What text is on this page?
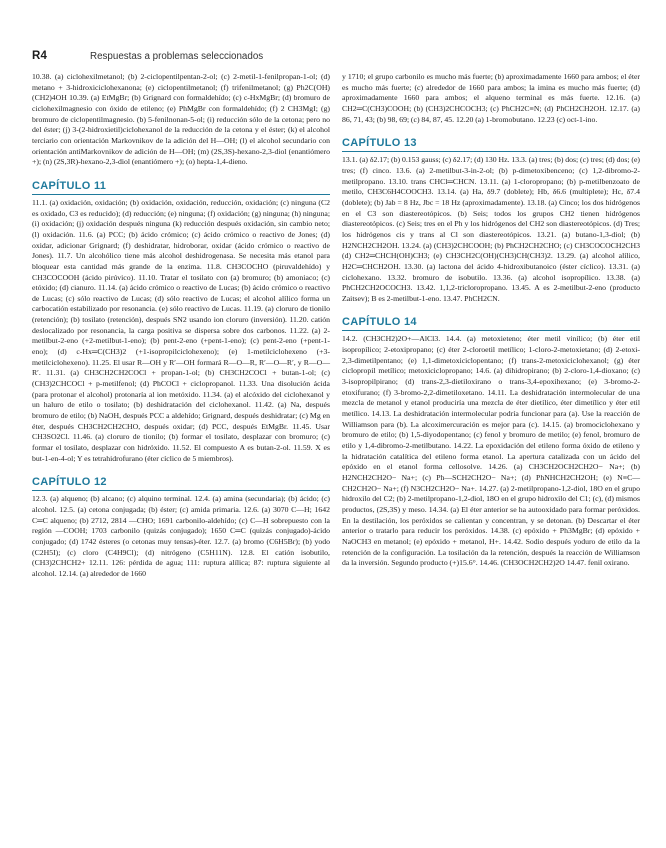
R4	Respuestas a problemas seleccionados
10.38. (a) ciclohexilmetanol; (b) 2-ciclopentilpentan-2-ol; (c) 2-metil-1-fenilpropan-1-ol; (d) metano + 3-hidroxiciclohexanona; (e) ciclopentilmetanol; (f) trifenilmetanol; (g) Ph2C(OH)(CH2)4OH 10.39. (a) EtMgBr; (b) Grignard con formaldehído; (c) c-HxMgBr; (d) bromuro de ciclohexilmagnesio con óxido de etileno; (e) PhMgBr con formaldehído; (f) 2 CH3MgI; (g) bromuro de ciclopentilmagnesio. (b) 5-fenilnonan-5-ol; (i) reducción sólo de la cetona; pero no del éster; (j) 3-(2-hidroxietil)ciclohexanol de la reducción de la cetona y el éster; (k) el alcohol terciario con orientación Markovnikov de la adición del H—OH; (l) el alcohol secundario con orientación antiMarkovnikov de adición de H—OH; (m) (2S,3S)-hexano-2,3-diol (enantiómero +); (n) (2S,3R)-hexano-2,3-diol (enantiómero +); (o) hepta-1,4-dieno.
CAPÍTULO 11
11.1. (a) oxidación, oxidación; (b) oxidación, oxidación, reducción, oxidación; (c) ninguna (C2 es oxidado, C3 es reducido); (d) reducción; (e) ninguna; (f) oxidación; (g) ninguna; (h) ninguna; (i) oxidación; (j) oxidación después ninguna (k) reducción después oxidación, sin cambio neto; (l) oxidación. 11.6. (a) PCC; (b) ácido crómico; (c) ácido crómico o reactivo de Jones; (d) oxidar, adicionar Grignard; (f) deshidratar, hidroborar, oxidar (ácido crómico o reactivo de Jones). 11.7. Un alcohólico tiene más alcohol deshidrogenasa. Se necesita más etanol para bloquear esta cantidad más grande de la enzima. 11.8. CH3COCHO (piruvaldehído) y CH3COCOOH (ácido pirúvico). 11.10. Tratar el tosilato con (a) bromuro; (b) amoniaco; (c) etóxido; (d) cianuro. 11.14. (a) ácido crómico o reactivo de Lucas; (b) ácido crómico o reactivo de Lucas; (c) sólo reactivo de Lucas; (d) sólo reactivo de Lucas; el alcohol alílico forma un carbocatión estabilizado por resonancia. (e) sólo reactivo de Lucas. 11.19. (a) cloruro de tionilo (retención); (b) tosilato (retención), después SN2 usando ion cloruro (inversión). 11.20. catión deslocalizado por resonancia, la carga positiva se dispersa sobre dos carbonos. 11.22. (a) 2-metilbut-2-eno (+2-metilbut-1-eno); (b) pent-2-eno (+pent-1-eno); (c) pent-2-eno (+pent-1-eno); (d) c-Hx═C(CH3)2 (+1-isopropilciclohexeno); (e) 1-metilciclohexeno (+3-metilciclohexeno). 11.25. El usar R—OH y R′—OH formará R—O—R, R′—O—R′, y R—O—R′. 11.31. (a) CH3CH2CH2COCl + propan-1-ol; (b) CH3CH2COCl + butan-1-ol; (c) (CH3)2CHCOCl + p-metilfenol; (d) PhCOCl + ciclopropanol. 11.33. Una disolución ácida (para protonar el alcohol) protonaría al ion metóxido. 11.34. (a) el alcóxido del ciclohexanol y un haluro de etilo o tosilato; (b) deshidratación del ciclohexanol. 11.42. (a) Na, después bromuro de etilo; (b) NaOH, después PCC a aldehído; Grignard, después deshidratar; (c) Mg en éter, después CH3CH2CH2CHO, después oxidar; (d) PCC, después EtMgBr. 11.45. Usar CH3SO2Cl. 11.46. (a) cloruro de tionilo; (b) formar el tosilato, desplazar con bromuro; (c) formar el tosilato, desplazar con hidróxido. 11.52. El compuesto A es butan-2-ol. 11.59. X es but-1-en-4-ol; Y es tetrahidrofurano (éter cíclico de 5 miembros).
CAPÍTULO 12
12.3. (a) alqueno; (b) alcano; (c) alquino terminal. 12.4. (a) amina (secundaria); (b) ácido; (c) alcohol. 12.5. (a) cetona conjugada; (b) éster; (c) amida primaria. 12.6. (a) 3070 C—H; 1642 C═C alqueno; (b) 2712, 2814 —CHO; 1691 carbonilo-aldehído; (c) C—H sobrepuesto con la región —COOH; 1703 carbonilo (quizás conjugado); 1650 C═C (quizás conjugado)-ácido conjugado; (d) 1742 ésteres (o cetonas muy tensas)-éter. 12.7. (a) bromo (C6H5Br); (b) yodo (C2H5I); (c) cloro (C4H9Cl); (d) nitrógeno (C5H11N). 12.8. El catión isobutilo, (CH3)2CHCH2+ 12.11. 126: pérdida de agua; 111: ruptura alílica; 87: ruptura siguiente al alcohol. 12.14. (a) alrededor de 1660
y 1710; el grupo carbonilo es mucho más fuerte; (b) aproximadamente 1660 para ambos; el éter es mucho más fuerte; (c) alrededor de 1660 para ambos; la imina es mucho más fuerte; (d) aproximadamente 1660 para ambos; el alqueno terminal es más fuerte. 12.16. (a) CH2═C(CH3)COOH; (b) (CH3)2CHCOCH3; (c) PhCH2C≡N; (d) PhCH2CH2OH. 12.17. (a) 86, 71, 43; (b) 98, 69; (c) 84, 87, 45. 12.20 (a) 1-bromobutano. 12.23 (c) oct-1-ino.
CAPÍTULO 13
13.1. (a) δ2.17; (b) 0.153 gauss; (c) δ2.17; (d) 130 Hz. 13.3. (a) tres; (b) dos; (c) tres; (d) dos; (e) tres; (f) cinco. 13.6. (a) 2-metilbut-3-in-2-ol; (b) p-dimetoxibenceno; (c) 1,2-dibromo-2-metilpropano. 13.10. trans CHCl═CHCN. 13.11. (a) 1-cloropropano; (b) p-metilbenzoato de metilo, CH3C6H4COOCH3. 13.14. (a) Ha, δ9.7 (doblete); Hb, δ6.6 (multiplete); Hc, δ7.4 (doblete); (b) Jab = 8 Hz, Jbc = 18 Hz (aproximadamente). 13.18. (a) Cinco; los dos hidrógenos en el C3 son diastereotópicos. (b) Seis; todos los grupos CH2 tienen hidrógenos diastereotópicos. (c) Seis; tres en el Ph y los hidrógenos del CH2 son diastereotópicos. (d) Tres; los hidrógenos cis y trans al Cl son diastereotópicos. 13.21. (a) butano-1,3-diol; (b) H2NCH2CH2OH. 13.24. (a) (CH3)2CHCOOH; (b) PhCH2CH2CHO; (c) CH3COCOCH2CH3 (d) CH2═CHCH(OH)CH3; (e) CH3CH2C(OH)(CH3)CH(CH3)2. 13.29. (a) alcohol alílico, H2C═CHCH2OH. 13.30. (a) lactona del ácido 4-hidroxibutanoico (éster cíclico). 13.31. (a) ciclohexano. 13.32. bromuro de isobutilo. 13.36. (a) alcohol isopropílico. 13.38. (a) PhCH2CH2OCOCH3. 13.42. 1,1,2-tricloropropano. 13.45. A es 2-metilbut-2-eno (producto Zaitsev); B es 2-metilbut-1-eno. 13.47. PhCH2CN.
CAPÍTULO 14
14.2. (CH3CH2)2O+—AlCl3. 14.4. (a) metoxieteno; éter metil vinílico; (b) éter etil isopropílico; 2-etoxipropano; (c) éter 2-cloroetil metílico; 1-cloro-2-metoxietano; (d) 2-etoxi-2,3-dimetilpentano; (e) 1,1-dimetoxiciclopentano; (f) trans-2-metoxiciclohexanol; (g) éter ciclopropil metílico; metoxiciclopropano; 14.6. (a) dihidropirano; (b) 2-cloro-1,4-dioxano; (c) 3-isopropilpirano; (d) trans-2,3-dietiloxirano o trans-3,4-epoxihexano; (e) 3-bromo-2-etoxifurano; (f) 3-bromo-2,2-dimetiloxetano. 14.11. La deshidratación intermolecular de una mezcla de metanol y etanol produciría una mezcla de éter dietílico, éter dimetílico y éter etil metílico. 14.13. La deshidratación intermolecular podría funcionar para (a). Use la reacción de Williamson para (b). La alcoximercuración es mejor para (c). 14.15. (a) bromociclohexano y bromuro de etilo; (b) 1,5-diyodopentano; (c) fenol y bromuro de metilo; (e) fenol, bromuro de etilo y 1,4-dibromo-2-metilbutano. 14.22. La epoxidación del etileno forma óxido de etileno y la hidratación catalítica del etileno forma etanol. La apertura catalizada con un ácido del epóxido en el etanol forma cellosolve. 14.26. (a) CH3CH2OCH2CH2O− Na+; (b) H2NCH2CH2O− Na+; (c) Ph—SCH2CH2O− Na+; (d) PhNHCH2CH2OH; (e) N≡C—CH2CH2O− Na+; (f) N3CH2CH2O− Na+. 14.27. (a) 2-metilpropano-1,2-diol, 18O en el grupo hidroxilo del C2; (b) 2-metilpropano-1,2-diol, 18O en el grupo hidroxilo del C1; (c), (d) mismos productos, (2S,3S) y meso. 14.34. (a) El éter anterior se ha autooxidado para formar peróxidos. En la destilación, los peróxidos se calientan y concentran, y se detonan. (b) Descartar el éter anterior o tratarlo para reducir los peróxidos. 14.38. (c) epóxido + Ph3MgBr; (d) epóxido + NaOCH3 en metanol; (e) epóxido + metanol, H+. 14.42. Sodio después yoduro de etilo da la retención de la configuración. La tosilación da la retención, después la reacción de Williamson da la inversión. Segundo producto (+)15.6°. 14.46. (CH3OCH2CH2)2O 14.47. fenil oxirano.
